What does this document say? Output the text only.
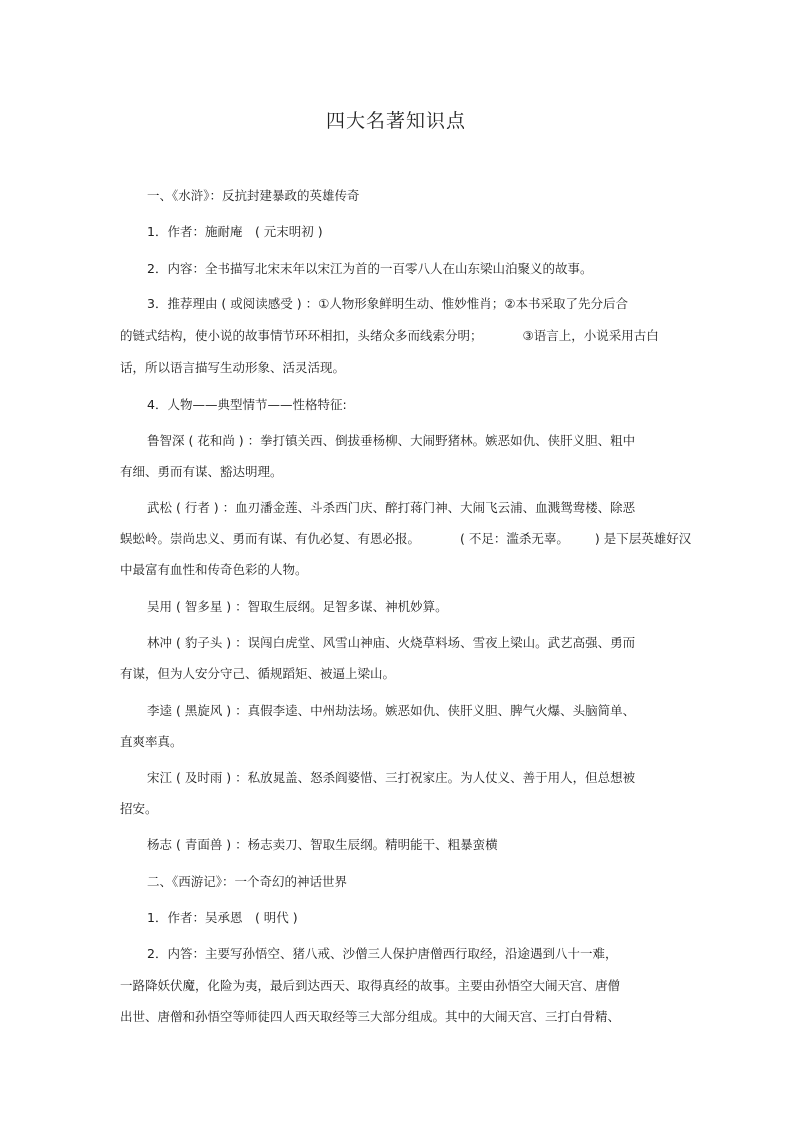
四大名著知识点
一、《水浒》：反抗封建暴政的英雄传奇
1．作者：施耐庵　( 元末明初 )
2．内容：全书描写北宋末年以宋江为首的一百零八人在山东梁山泊聚义的故事。
3．推荐理由 ( 或阅读感受 ) ：①人物形象鲜明生动、惟妙惟肖；②本书采取了先分后合
的链式结构，使小说的故事情节环环相扣，头绪众多而线索分明；	③语言上，小说采用古白
话，所以语言描写生动形象、活灵活现。
4．人物——典型情节——性格特征:
鲁智深 ( 花和尚 ) ：拳打镇关西、倒拔垂杨柳、大闹野猪林。嫉恶如仇、侠肝义胆、粗中
有细、勇而有谋、豁达明理。
武松 ( 行者 ) ：血刃潘金莲、斗杀西门庆、醉打蒋门神、大闹飞云浦、血溅鸳鸯楼、除恶
蜈蚣岭。崇尚忠义、勇而有谋、有仇必复、有恩必报。	( 不足：滥杀无辜。 ) 是下层英雄好汉
中最富有血性和传奇色彩的人物。
吴用 ( 智多星 ) ：智取生辰纲。足智多谋、神机妙算。
林冲 ( 豹子头 ) ：误闯白虎堂、风雪山神庙、火烧草料场、雪夜上梁山。武艺高强、勇而
有谋，但为人安分守己、循规蹈矩、被逼上梁山。
李逵 ( 黑旋风 ) ：真假李逵、中州劫法场。嫉恶如仇、侠肝义胆、脾气火爆、头脑简单、
直爽率真。
宋江 ( 及时雨 ) ：私放晁盖、怒杀阎婆惜、三打祝家庄。为人仗义、善于用人，但总想被
招安。
杨志 ( 青面兽 ) ：杨志卖刀、智取生辰纲。精明能干、粗暴蛮横
二、《西游记》：一个奇幻的神话世界
1．作者：吴承恩　( 明代 )
2．内答：主要写孙悟空、猪八戒、沙僧三人保护唐僧西行取经，沿途遇到八十一难，
一路降妖伏魔，化险为夷，最后到达西天、取得真经的故事。主要由孙悟空大闹天宫、唐僧
出世、唐僧和孙悟空等师徒四人西天取经等三大部分组成。其中的大闹天宫、三打白骨精、
